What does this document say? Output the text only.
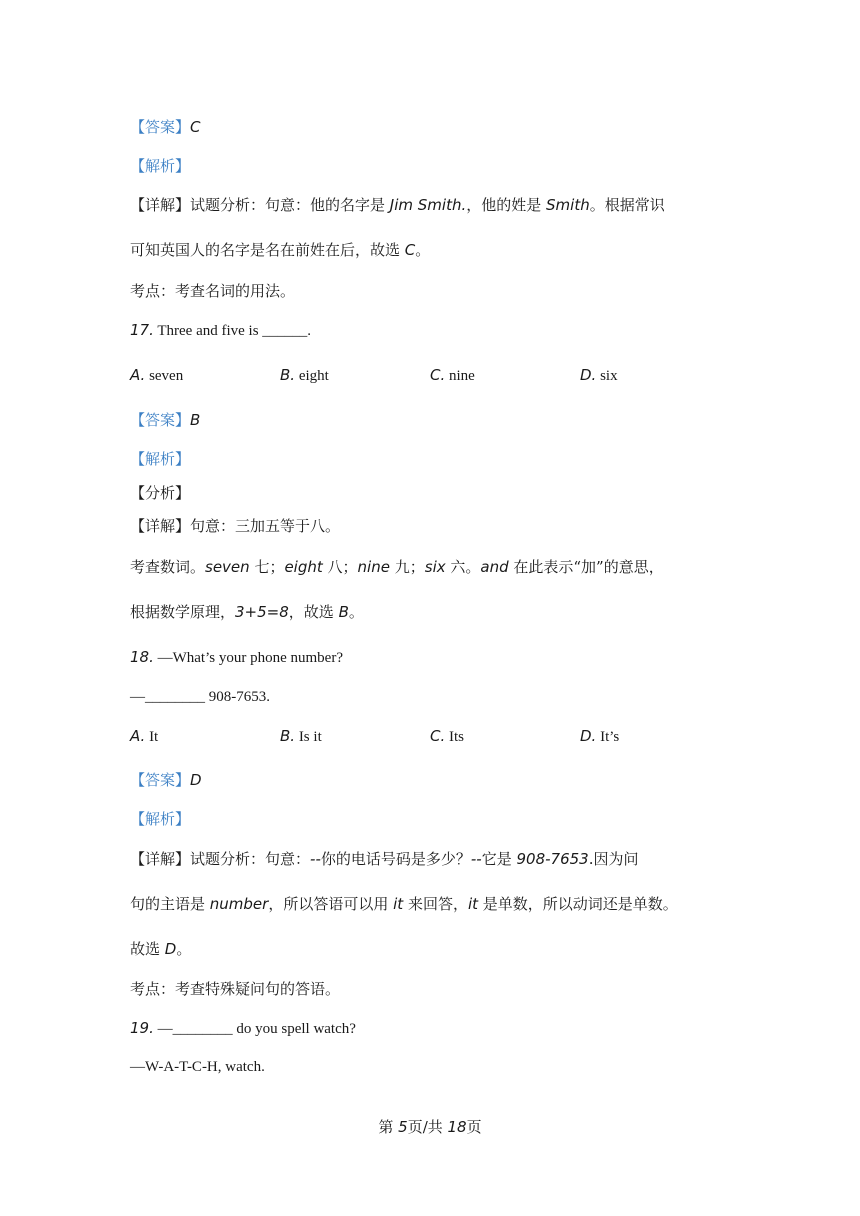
【答案】C
【解析】
【详解】试题分析：句意：他的名字是 Jim Smith.，他的姓是 Smith。根据常识
可知英国人的名字是名在前姓在后，故选 C。
考点：考查名词的用法。
17. Three and five is ______.
A. seven	B. eight	C. nine	D. six
【答案】B
【解析】
【分析】
【详解】句意：三加五等于八。
考查数词。seven 七；eight 八；nine 九；six 六。and 在此表示“加”的意思，
根据数学原理，3+5=8，故选 B。
18. —What’s your phone number?
—________ 908-7653.
A. It	B. Is it	C. Its	D. It’s
【答案】D
【解析】
【详解】试题分析：句意：--你的电话号码是多少？--它是 908-7653.因为问
句的主语是 number，所以答语可以用 it 来回答，it 是单数，所以动词还是单数。
故选 D。
考点：考查特殊疑问句的答语。
19. —________ do you spell watch?
—W-A-T-C-H, watch.
第 5页/共 18页
